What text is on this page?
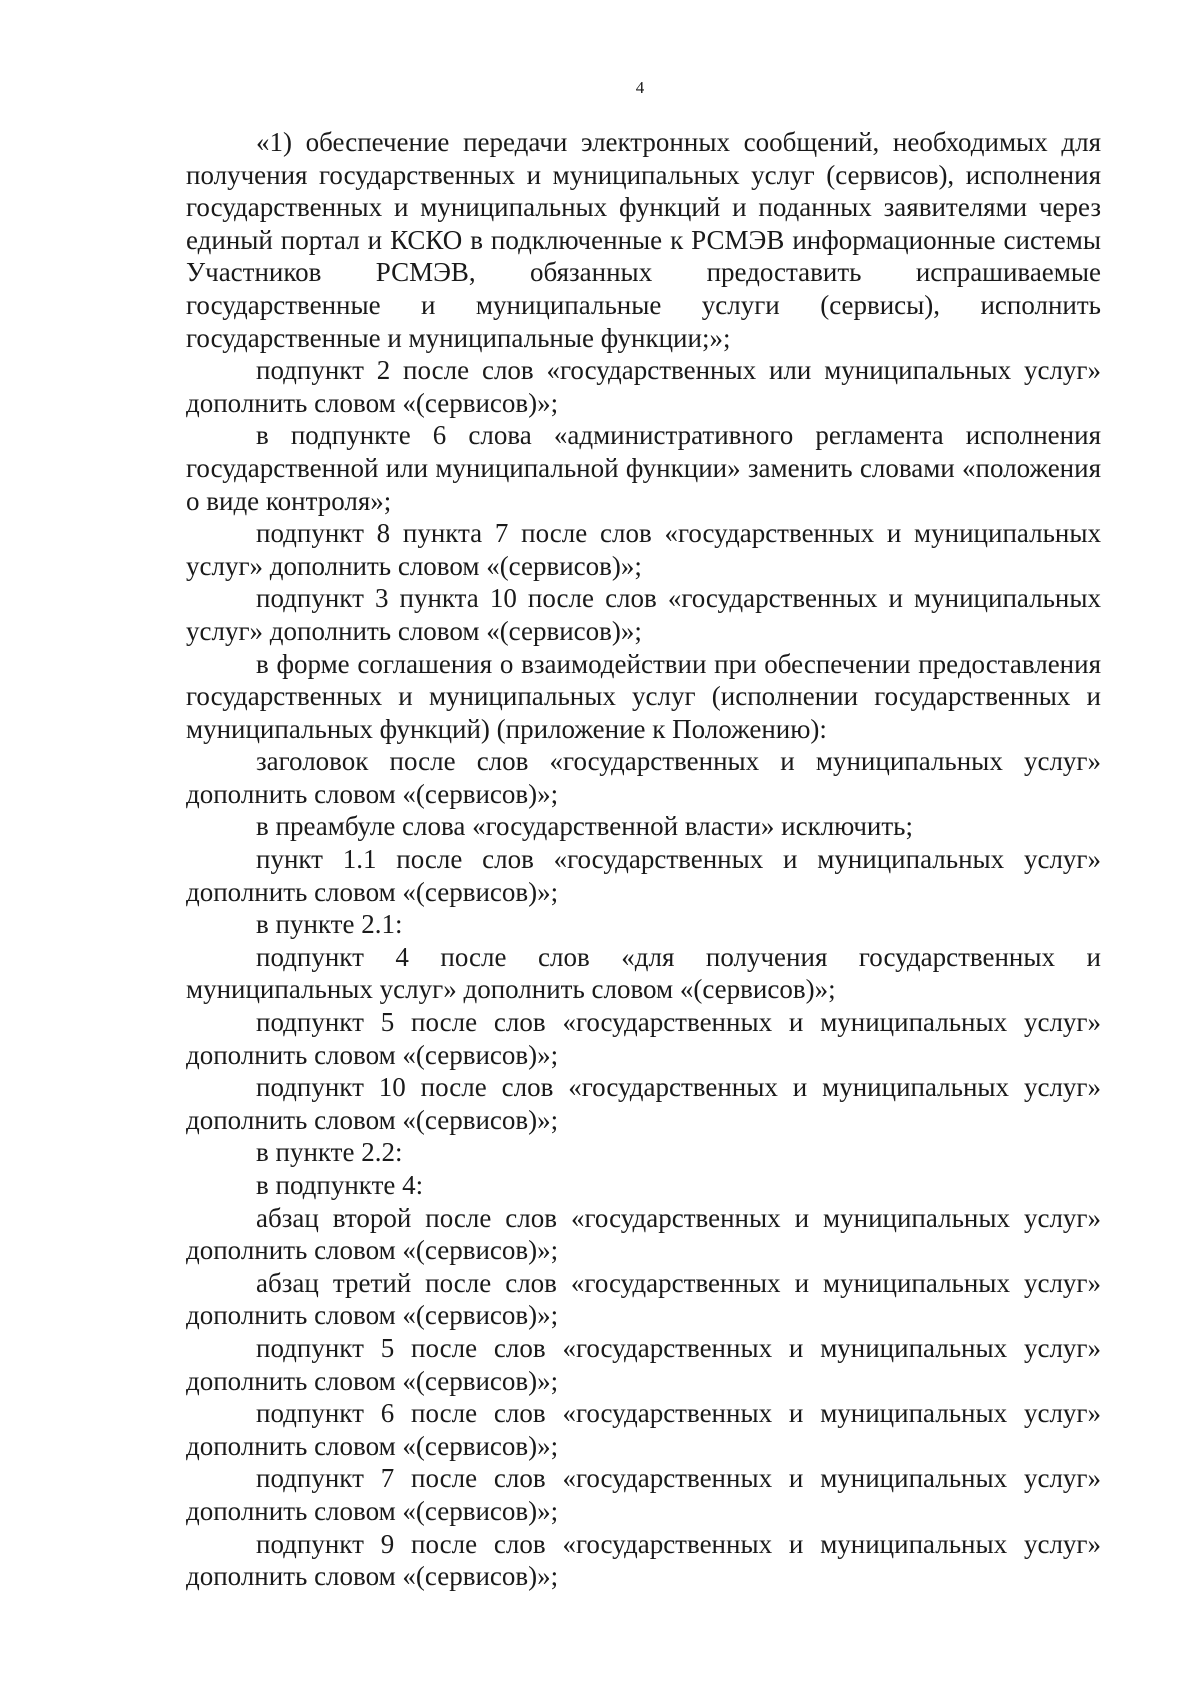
4

«1) обеспечение передачи электронных сообщений, необходимых для получения государственных и муниципальных услуг (сервисов), исполнения государственных и муниципальных функций и поданных заявителями через единый портал и КСКО в подключенные к РСМЭВ информационные системы Участников РСМЭВ, обязанных предоставить испрашиваемые государственные и муниципальные услуги (сервисы), исполнить государственные и муниципальные функции;»;

подпункт 2 после слов «государственных или муниципальных услуг» дополнить словом «(сервисов)»;

в подпункте 6 слова «административного регламента исполнения государственной или муниципальной функции» заменить словами «положения о виде контроля»;

подпункт 8 пункта 7 после слов «государственных и муниципальных услуг» дополнить словом «(сервисов)»;

подпункт 3 пункта 10 после слов «государственных и муниципальных услуг» дополнить словом «(сервисов)»;

в форме соглашения о взаимодействии при обеспечении предоставления государственных и муниципальных услуг (исполнении государственных и муниципальных функций) (приложение к Положению):

заголовок после слов «государственных и муниципальных услуг» дополнить словом «(сервисов)»;

в преамбуле слова «государственной власти» исключить;

пункт 1.1 после слов «государственных и муниципальных услуг» дополнить словом «(сервисов)»;

в пункте 2.1:

подпункт 4 после слов «для получения государственных и муниципальных услуг» дополнить словом «(сервисов)»;

подпункт 5 после слов «государственных и муниципальных услуг» дополнить словом «(сервисов)»;

подпункт 10 после слов «государственных и муниципальных услуг» дополнить словом «(сервисов)»;

в пункте 2.2:

в подпункте 4:

абзац второй после слов «государственных и муниципальных услуг» дополнить словом «(сервисов)»;

абзац третий после слов «государственных и муниципальных услуг» дополнить словом «(сервисов)»;

подпункт 5 после слов «государственных и муниципальных услуг» дополнить словом «(сервисов)»;

подпункт 6 после слов «государственных и муниципальных услуг» дополнить словом «(сервисов)»;

подпункт 7 после слов «государственных и муниципальных услуг» дополнить словом «(сервисов)»;

подпункт 9 после слов «государственных и муниципальных услуг» дополнить словом «(сервисов)»;
